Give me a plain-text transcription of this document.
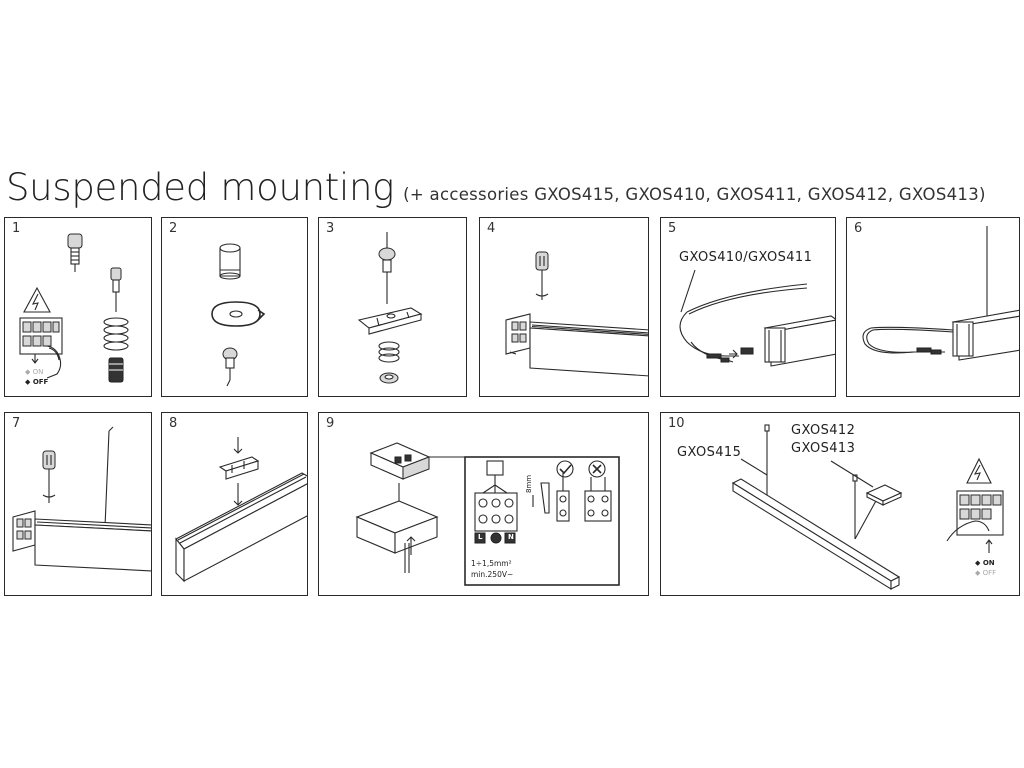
Suspended mounting (+ accessories GXOS415, GXOS410, GXOS411, GXOS412, GXOS413)
1
◆ ON
◆ OFF
2	3	4	5
GXOS410/GXOS411
6
7	8	9
L	N
8mm
1÷1,5mm²
min.250V~
10
GXOS415
GXOS412
GXOS413
◆ ON
◆ OFF
